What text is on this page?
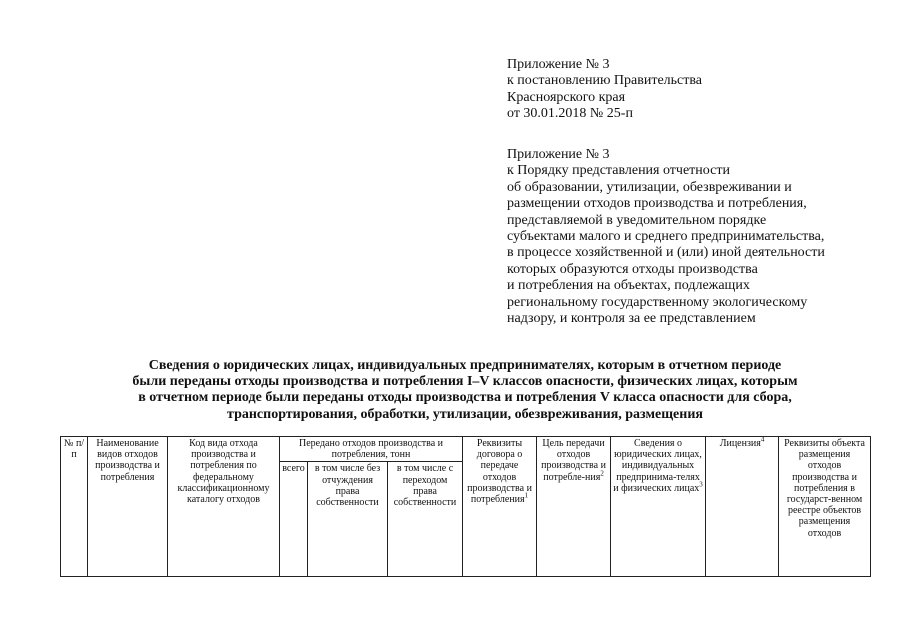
Приложение № 3
к постановлению Правительства
Красноярского края
от 30.01.2018 № 25-п
Приложение № 3
к Порядку представления отчетности
об образовании, утилизации, обезвреживании и
размещении отходов производства и потребления,
представляемой в уведомительном порядке
субъектами малого и среднего предпринимательства,
в процессе хозяйственной и (или) иной деятельности
которых образуются отходы производства
и потребления на объектах, подлежащих
региональному государственному экологическому
надзору, и контроля за ее представлением
Сведения о юридических лицах, индивидуальных предпринимателях, которым в отчетном периоде
были переданы отходы производства и потребления I–V классов опасности, физических лицах, которым
в отчетном периоде были переданы отходы производства и потребления V класса опасности для сбора,
транспортирования, обработки, утилизации, обезвреживания, размещения
№ п/п	Наименование видов отходов производства и потребления	Код вида отхода производства и потребления по федеральному классификационному каталогу отходов	Передано отходов производства и потребления, тонн			Реквизиты договора о передаче отходов производства и потребления$^1$	Цель передачи отходов производства и потребле-ния$^2$	Сведения о юридических лицах, индивидуальных предпринима-телях и физических лицах$^3$	Лицензия$^4$	Реквизиты объекта размещения отходов производства и потребления в государст-венном реестре объектов размещения отходов
			всего	в том числе без отчуждения права собственности	в том числе с переходом права собственности					
